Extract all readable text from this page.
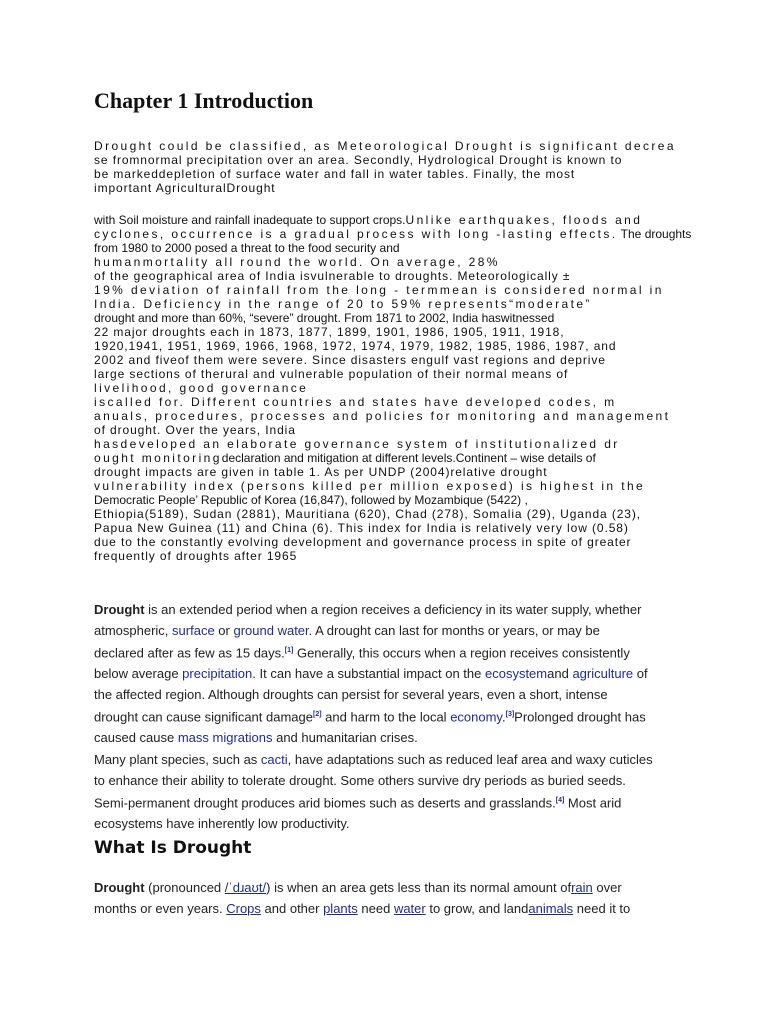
Chapter 1 Introduction
Drought could be classified, as Meteorological Drought is significant decrea
se fromnormal precipitation over an area. Secondly, Hydrological Drought is known to
be markeddepletion of surface water and fall in water tables. Finally, the most
important AgriculturalDrought
with Soil moisture and rainfall inadequate to support crops.Unlike earthquakes, floods and
cyclones, occurrence is a gradual process with long -lasting effects. The droughts
from 1980 to 2000 posed a threat to the food security and
humanmortality all round the world. On average, 28%
of the geographical area of India isvulnerable to droughts. Meteorologically ±
19% deviation of rainfall from the long - termmean is considered normal in
India. Deficiency in the range of 20 to 59% represents“moderate”
drought and more than 60%, “severe” drought. From 1871 to 2002, India haswitnessed
22 major droughts each in 1873, 1877, 1899, 1901, 1986, 1905, 1911, 1918,
1920,1941, 1951, 1969, 1966, 1968, 1972, 1974, 1979, 1982, 1985, 1986, 1987, and
2002 and fiveof them were severe. Since disasters engulf vast regions and deprive
large sections of therural and vulnerable population of their normal means of
livelihood, good governance
iscalled for. Different countries and states have developed codes, m
anuals, procedures, processes and policies for monitoring and management
of drought. Over the years, India
hasdeveloped an elaborate governance system of institutionalized dr
ought monitoringdeclaration and mitigation at different levels.Continent – wise details of
drought impacts are given in table 1. As per UNDP (2004)relative drought
vulnerability index (persons killed per million exposed) is highest in the
Democratic People’ Republic of Korea (16,847), followed by Mozambique (5422) ,
Ethiopia(5189), Sudan (2881), Mauritiana (620), Chad (278), Somalia (29), Uganda (23),
Papua New Guinea (11) and China (6). This index for India is relatively very low (0.58)
due to the constantly evolving development and governance process in spite of greater
frequently of droughts after 1965
Drought is an extended period when a region receives a deficiency in its water supply, whether
atmospheric, surface or ground water. A drought can last for months or years, or may be
declared after as few as 15 days.[1] Generally, this occurs when a region receives consistently
below average precipitation. It can have a substantial impact on the ecosystemand agriculture of
the affected region. Although droughts can persist for several years, even a short, intense
drought can cause significant damage[2] and harm to the local economy.[3]Prolonged drought has
caused cause mass migrations and humanitarian crises.
Many plant species, such as cacti, have adaptations such as reduced leaf area and waxy cuticles
to enhance their ability to tolerate drought. Some others survive dry periods as buried seeds.
Semi-permanent drought produces arid biomes such as deserts and grasslands.[4] Most arid
ecosystems have inherently low productivity.
What Is Drought
Drought (pronounced /ˈdɹaʊt/) is when an area gets less than its normal amount ofrain over
months or even years. Crops and other plants need water to grow, and landanimals need it to
